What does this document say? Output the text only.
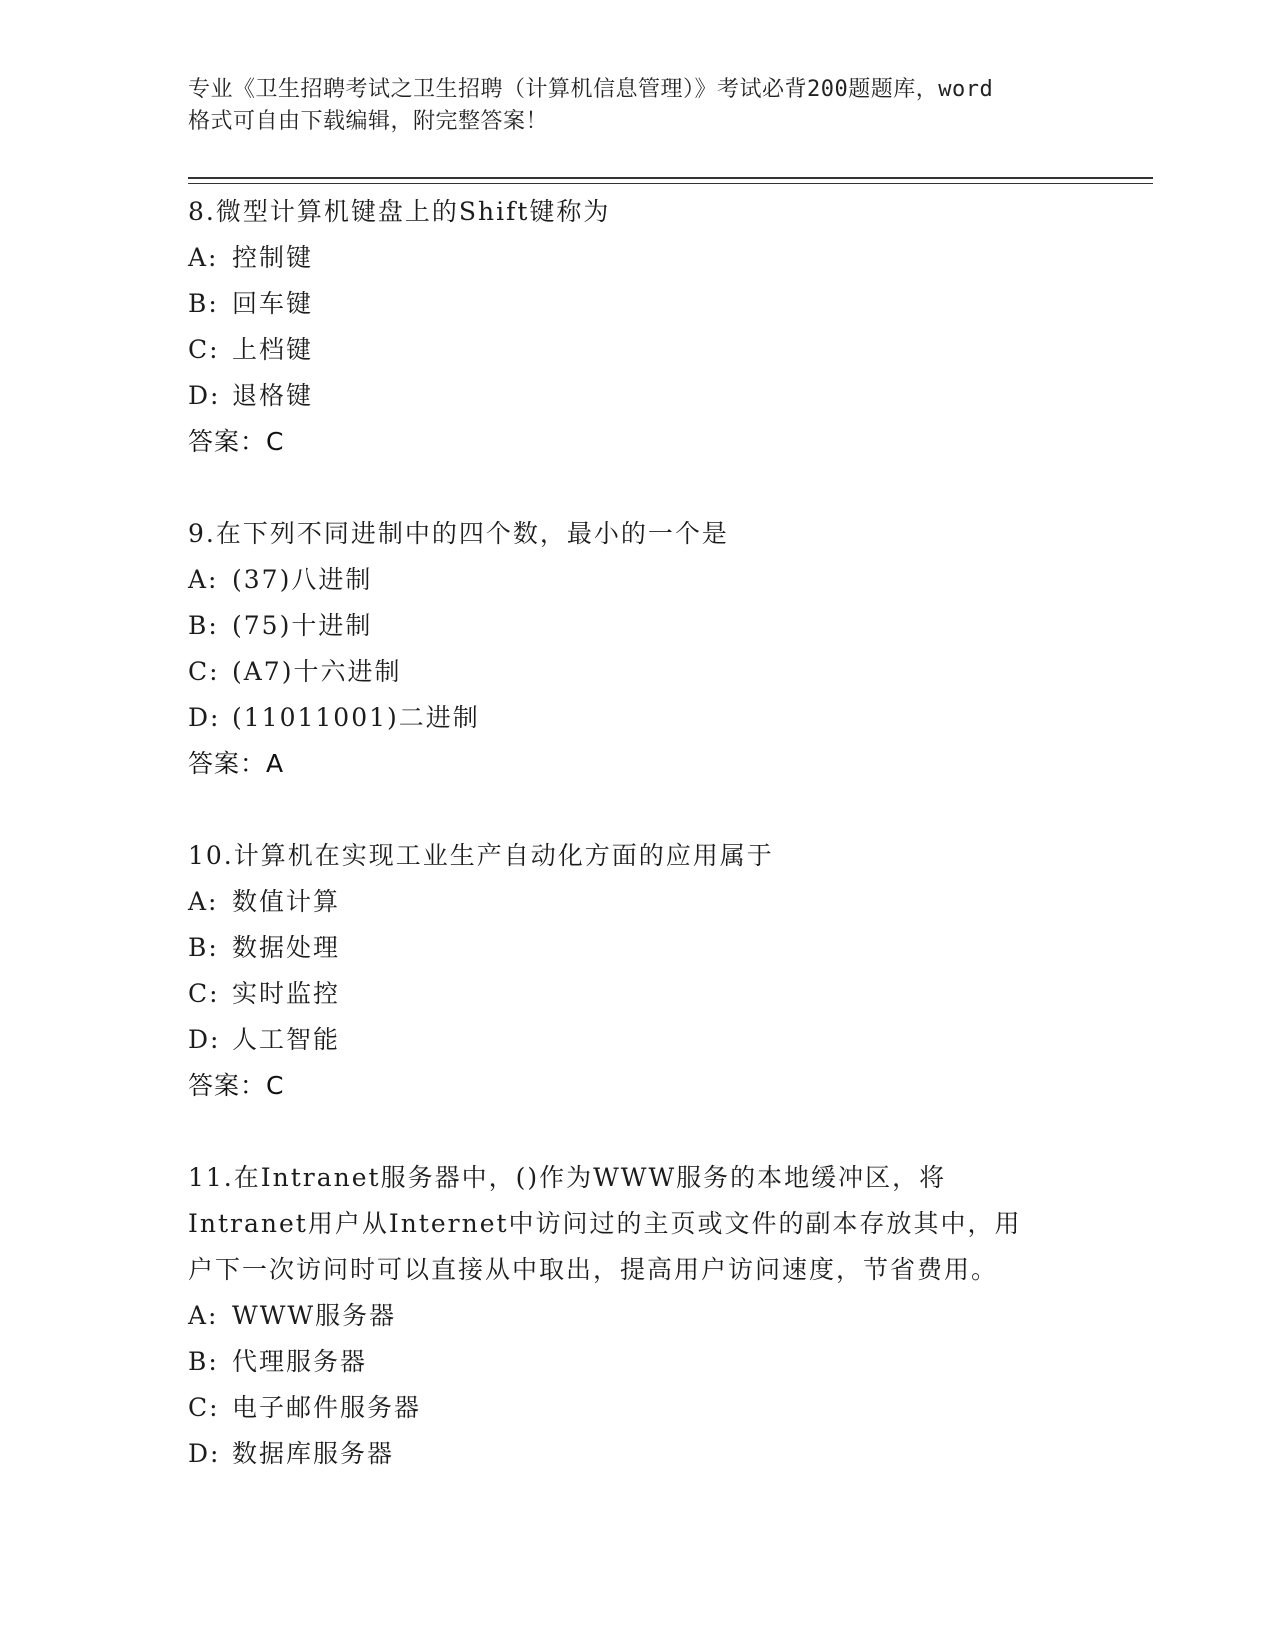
专业《卫生招聘考试之卫生招聘（计算机信息管理）》考试必背200题题库，word
格式可自由下载编辑，附完整答案！
8.微型计算机键盘上的Shift键称为
A: 控制键
B: 回车键
C: 上档键
D: 退格键
答案：C
9.在下列不同进制中的四个数，最小的一个是
A: (37)八进制
B: (75)十进制
C: (A7)十六进制
D: (11011001)二进制
答案：A
10.计算机在实现工业生产自动化方面的应用属于
A: 数值计算
B: 数据处理
C: 实时监控
D: 人工智能
答案：C
11.在Intranet服务器中，()作为WWW服务的本地缓冲区，将
Intranet用户从Internet中访问过的主页或文件的副本存放其中，用
户下一次访问时可以直接从中取出，提高用户访问速度，节省费用。
A: WWW服务器
B: 代理服务器
C: 电子邮件服务器
D: 数据库服务器
